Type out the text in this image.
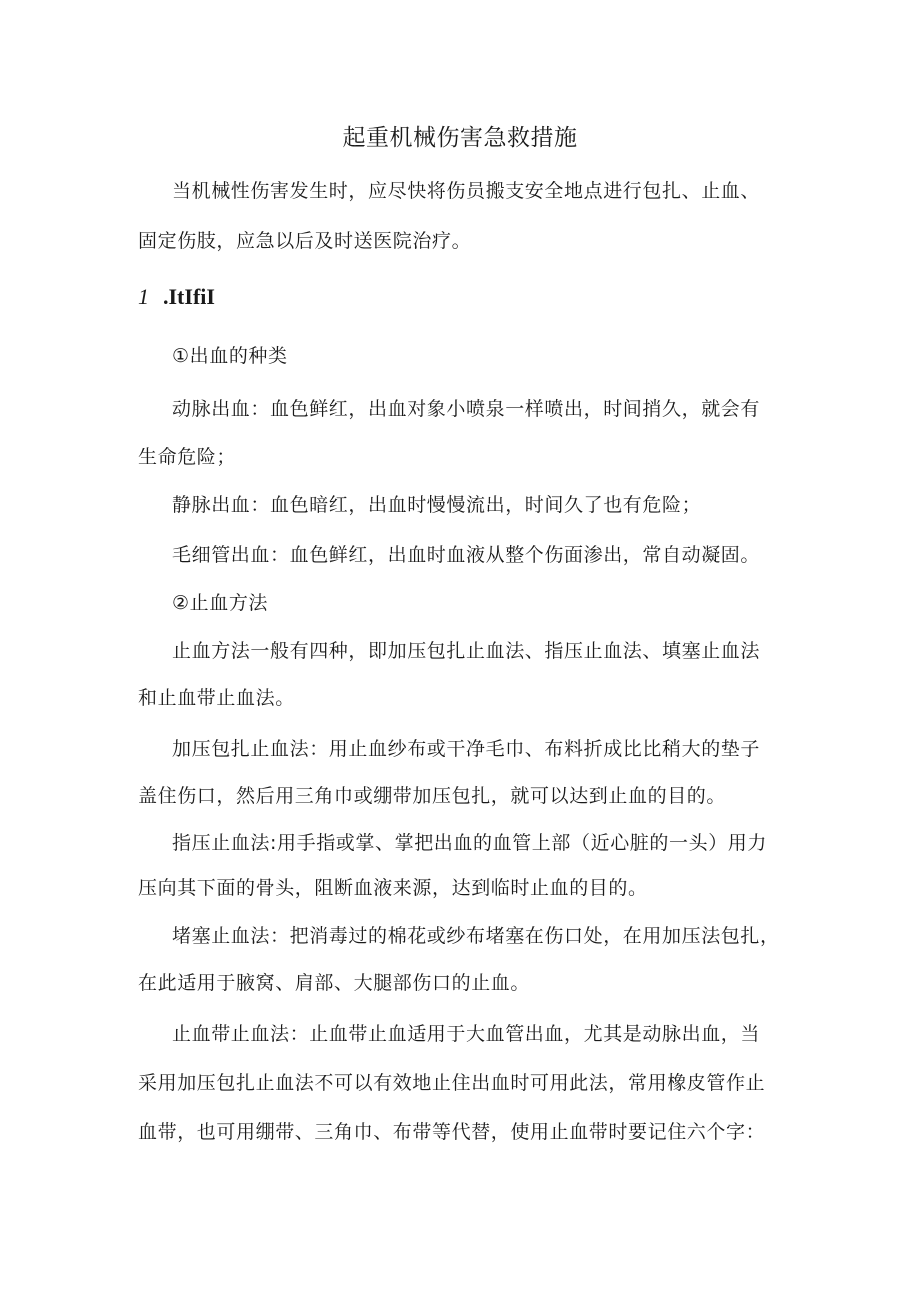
起重机械伤害急救措施
当机械性伤害发生时，应尽快将伤员搬支安全地点进行包扎、止血、
固定伤肢，应急以后及时送医院治疗。
1 .ItIfiI
①出血的种类
动脉出血：血色鲜红，出血对象小喷泉一样喷出，时间捎久，就会有
生命危险；
静脉出血：血色暗红，出血时慢慢流出，时间久了也有危险；
毛细管出血：血色鲜红，出血时血液从整个伤面渗出，常自动凝固。
②止血方法
止血方法一般有四种，即加压包扎止血法、指压止血法、填塞止血法
和止血带止血法。
加压包扎止血法：用止血纱布或干净毛巾、布料折成比比稍大的垫子
盖住伤口，然后用三角巾或绷带加压包扎，就可以达到止血的目的。
指压止血法:用手指或掌、掌把出血的血管上部（近心脏的一头）用力
压向其下面的骨头，阻断血液来源，达到临时止血的目的。
堵塞止血法：把消毒过的棉花或纱布堵塞在伤口处，在用加压法包扎，
在此适用于腋窝、肩部、大腿部伤口的止血。
止血带止血法：止血带止血适用于大血管出血，尤其是动脉出血，当
采用加压包扎止血法不可以有效地止住出血时可用此法，常用橡皮管作止
血带，也可用绷带、三角巾、布带等代替，使用止血带时要记住六个字：
